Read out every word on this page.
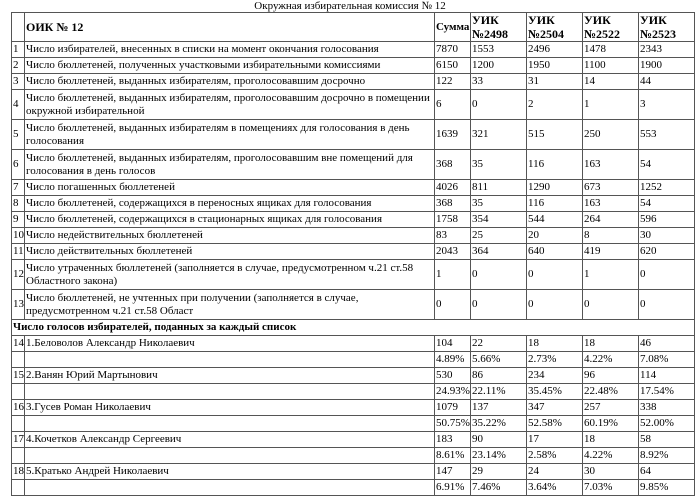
Окружная избирательная комиссия № 12
	ОИК № 12	Сумма	УИК №2498	УИК №2504	УИК №2522	УИК №2523
1	Число избирателей, внесенных в списки на момент окончания голосования	7870	1553	2496	1478	2343
2	Число бюллетеней, полученных участковыми избирательными комиссиями	6150	1200	1950	1100	1900
3	Число бюллетеней, выданных избирателям, проголосовавшим досрочно	122	33	31	14	44
4	Число бюллетеней, выданных избирателям, проголосовавшим досрочно в помещении окружной избирательной	6	0	2	1	3
5	Число бюллетеней, выданных избирателям в помещениях для голосования в день голосования	1639	321	515	250	553
6	Число бюллетеней, выданных избирателям, проголосовавшим вне помещений для голосования в день голосов	368	35	116	163	54
7	Число погашенных бюллетеней	4026	811	1290	673	1252
8	Число бюллетеней, содержащихся в переносных ящиках для голосования	368	35	116	163	54
9	Число бюллетеней, содержащихся в стационарных ящиках для голосования	1758	354	544	264	596
10	Число недействительных бюллетеней	83	25	20	8	30
11	Число действительных бюллетеней	2043	364	640	419	620
12	Число утраченных бюллетеней (заполняется в случае, предусмотренном ч.21 ст.58 Областного закона)	1	0	0	1	0
13	Число бюллетеней, не учтенных при получении (заполняется в случае, предусмотренном ч.21 ст.58 Област	0	0	0	0	0
Число голосов избирателей, поданных за каждый список						
14	1.Беловолов Александр Николаевич	104	22	18	18	46
		4.89%	5.66%	2.73%	4.22%	7.08%
15	2.Ванян Юрий Мартынович	530	86	234	96	114
		24.93%	22.11%	35.45%	22.48%	17.54%
16	3.Гусев Роман Николаевич	1079	137	347	257	338
		50.75%	35.22%	52.58%	60.19%	52.00%
17	4.Кочетков Александр Сергеевич	183	90	17	18	58
		8.61%	23.14%	2.58%	4.22%	8.92%
18	5.Кратько Андрей Николаевич	147	29	24	30	64
		6.91%	7.46%	3.64%	7.03%	9.85%
